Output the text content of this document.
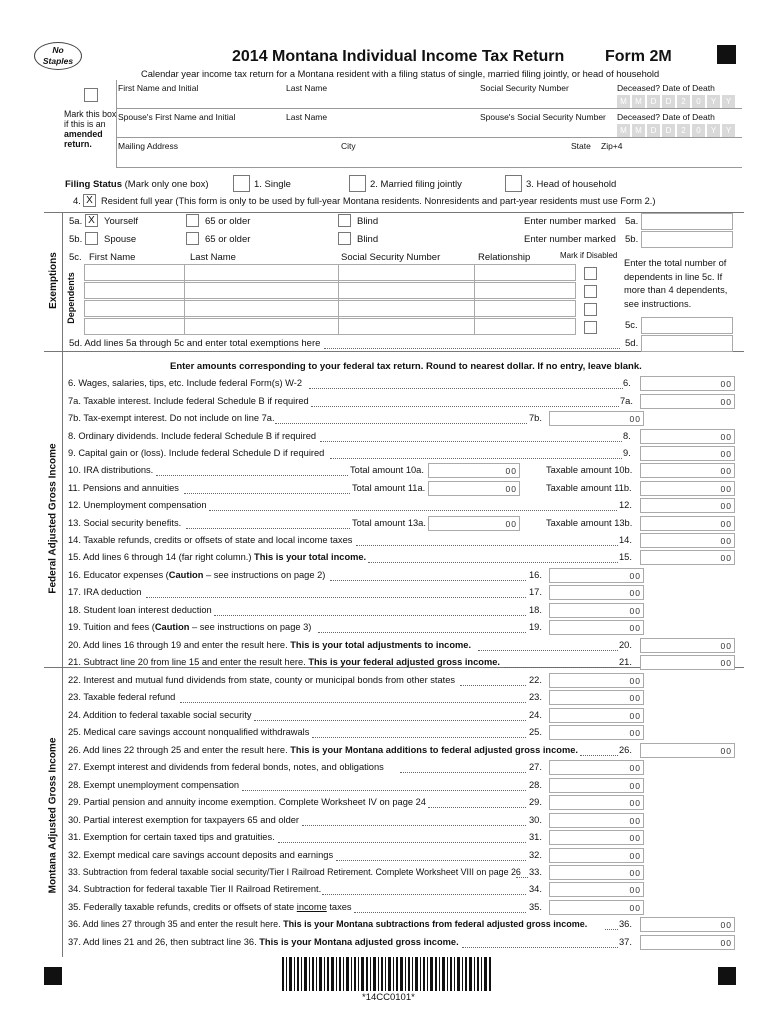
No
Staples	2014 Montana Individual Income Tax Return	Form 2M
Calendar year income tax return for a Montana resident with a filing status of single, married filing jointly, or head of household
Mark this box
if this is an
amended
return.
First Name and Initial	Last Name	Social Security Number	Deceased? Date of Death
Spouse's First Name and Initial	Last Name	Spouse's Social Security Number Deceased? Date of Death
Mailing Address	City	State Zip+4
M	M	D	D	2	0	Y	Y
M	M	D	D	2	0	Y	Y
Filing Status (Mark only one box)	1. Single	2. Married filing jointly	3. Head of household
4. X Resident full year (This form is only to be used by full-year Montana residents. Nonresidents and part-year residents must use Form 2.)
Exemptions Dependents
5a. X Yourself	65 or older	Blind	Enter number marked 5a.
5b. Spouse	65 or older	Blind	Enter number marked 5b.
5c. First Name	Last Name	Social Security Number	Relationship	Mark if Disabled
Enter the total number of
dependents in line 5c. If
more than 4 dependents,
see instructions.
5c.
5d. Add lines 5a through 5c and enter total exemptions here	5d.
Federal Adjusted Gross Income
Enter amounts corresponding to your federal tax return. Round to nearest dollar. If no entry, leave blank.
6. Wages, salaries, tips, etc. Include federal Form(s) W-2	6.	00
7a. Taxable interest. Include federal Schedule B if required	7a.	00
7b. Tax-exempt interest. Do not include on line 7a.	7b.	00
8. Ordinary dividends. Include federal Schedule B if required	8.	00
9. Capital gain or (loss). Include federal Schedule D if required	9.	00
10. IRA distributions.	Total amount 10a.	00	Taxable amount 10b.	00
11. Pensions and annuities	Total amount 11a.	00	Taxable amount 11b.	00
12. Unemployment compensation	12.	00
13. Social security benefits.	Total amount 13a.	00	Taxable amount 13b.	00
14. Taxable refunds, credits or offsets of state and local income taxes	14.	00
15. Add lines 6 through 14 (far right column.) This is your total income.	15.	00
16. Educator expenses (Caution – see instructions on page 2)	16.	00
17. IRA deduction	17.	00
18. Student loan interest deduction	18.	00
19. Tuition and fees (Caution – see instructions on page 3)	19.	00
20. Add lines 16 through 19 and enter the result here. This is your total adjustments to income.	20.	00
21. Subtract line 20 from line 15 and enter the result here. This is your federal adjusted gross income.	21.	00
Montana Adjusted Gross Income
22. Interest and mutual fund dividends from state, county or municipal bonds from other states	22.	00
23. Taxable federal refund	23.	00
24. Addition to federal taxable social security	24.	00
25. Medical care savings account nonqualified withdrawals	25.	00
26. Add lines 22 through 25 and enter the result here. This is your Montana additions to federal adjusted gross income.	26.	00
27. Exempt interest and dividends from federal bonds, notes, and obligations	27.	00
28. Exempt unemployment compensation	28.	00
29. Partial pension and annuity income exemption. Complete Worksheet IV on page 24	29.	00
30. Partial interest exemption for taxpayers 65 and older	30.	00
31. Exemption for certain taxed tips and gratuities.	31.	00
32. Exempt medical care savings account deposits and earnings	32.	00
33. Subtraction from federal taxable social security/Tier I Railroad Retirement. Complete Worksheet VIII on page 26 33.	00
34. Subtraction for federal taxable Tier II Railroad Retirement.	34.	00
35. Federally taxable refunds, credits or offsets of state income taxes	35.	00
36. Add lines 27 through 35 and enter the result here. This is your Montana subtractions from federal adjusted gross income.	36.	00
37. Add lines 21 and 26, then subtract line 36. This is your Montana adjusted gross income.	37.	00
*14CC0101*
